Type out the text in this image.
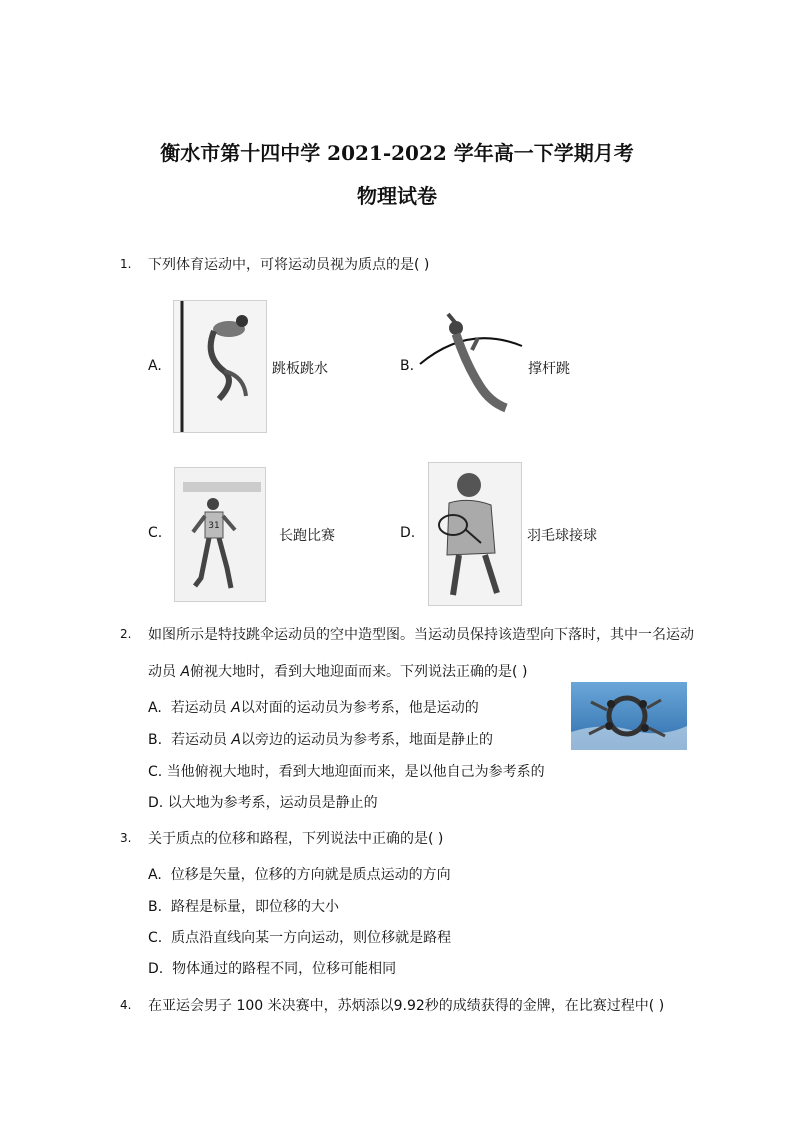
衡水市第十四中学 2021-2022 学年高一下学期月考
物理试卷
1. 下列体育运动中，可将运动员视为质点的是( )
A.	跳板跳水	B.	撑杆跳
C.	31
长跑比赛	D.	羽毛球接球
2. 如图所示是特技跳伞运动员的空中造型图。当运动员保持该造型向下落时，其中一名运动
动员 A俯视大地时，看到大地迎面而来。下列说法正确的是( )
A. 若运动员 A以对面的运动员为参考系，他是运动的
B. 若运动员 A以旁边的运动员为参考系，地面是静止的
C. 当他俯视大地时，看到大地迎面而来，是以他自己为参考系的
D. 以大地为参考系，运动员是静止的
3. 关于质点的位移和路程，下列说法中正确的是( )
A. 位移是矢量，位移的方向就是质点运动的方向
B. 路程是标量，即位移的大小
C. 质点沿直线向某一方向运动，则位移就是路程
D. 物体通过的路程不同，位移可能相同
4. 在亚运会男子 100 米决赛中，苏炳添以9.92秒的成绩获得的金牌，在比赛过程中( )
